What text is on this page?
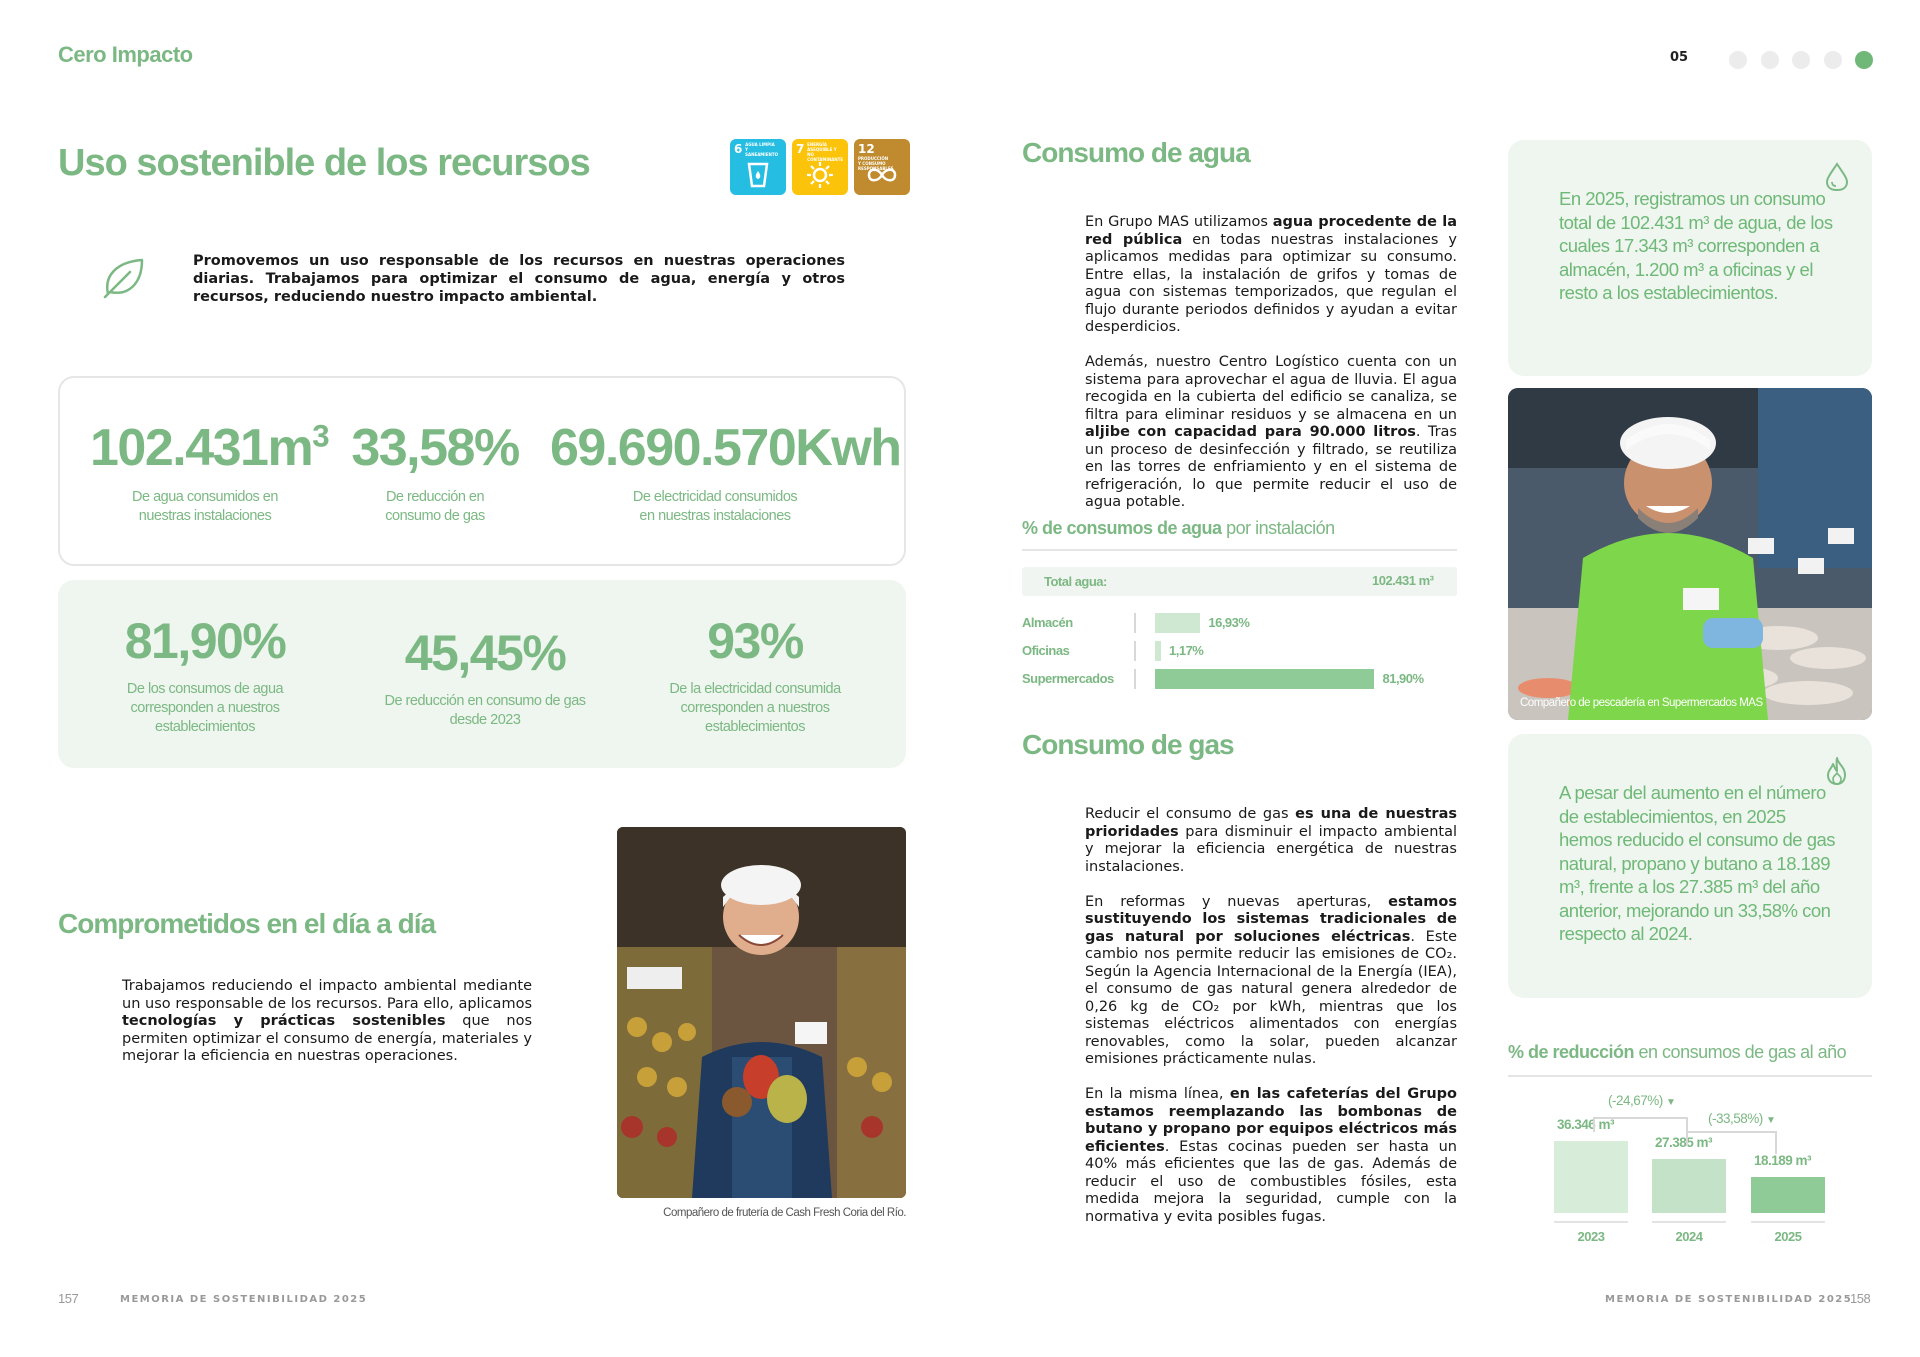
Cero Impacto	05
Uso sostenible de los recursos	6 AGUA LIMPIA Y SANEAMIENTO	7 ENERGÍA ASEQUIBLE Y NO CONTAMINANTE
12 PRODUCCIÓN Y CONSUMO RESPONSABLES
Promovemos un uso responsable de los recursos en nuestras operaciones diarias. Trabajamos para optimizar el consumo de agua, energía y otros recursos, reduciendo nuestro impacto ambiental.
$102.431m^3$
De agua consumidos en
nuestras instalaciones
33,58%
De reducción en
consumo de gas
69.690.570Kwh
De electricidad consumidos
en nuestras instalaciones
81,90%
De los consumos de agua
corresponden a nuestros
establecimientos
45,45%
De reducción en consumo de gas
desde 2023
93%
De la electricidad consumida
corresponden a nuestros
establecimientos
Comprometidos en el día a día
Trabajamos reduciendo el impacto ambiental mediante un uso responsable de los recursos. Para ello, aplicamos tecnologías y prácticas sostenibles que nos permiten optimizar el consumo de energía, materiales y mejorar la eficiencia en nuestras operaciones.
Compañero de frutería de Cash Fresh Coria del Río.
157	MEMORIA DE SOSTENIBILIDAD 2025
Consumo de agua

En Grupo MAS utilizamos agua procedente de la red pública en todas nuestras instalaciones y aplicamos medidas para optimizar su consumo. Entre ellas, la instalación de grifos y tomas de agua con sistemas temporizados, que regulan el flujo durante periodos definidos y ayudan a evitar desperdicios.

Además, nuestro Centro Logístico cuenta con un sistema para aprovechar el agua de lluvia. El agua recogida en la cubierta del edificio se canaliza, se filtra para eliminar residuos y se almacena en un aljibe con capacidad para 90.000 litros. Tras un proceso de desinfección y filtrado, se reutiliza en las torres de enfriamiento y en el sistema de refrigeración, lo que permite reducir el uso de agua potable.

% de consumos de agua por instalación
Total agua:	102.431 m³
Almacén	16,93%
Oficinas	1,17%
Supermercados	81,90%
Consumo de gas

Reducir el consumo de gas es una de nuestras prioridades para disminuir el impacto ambiental y mejorar la eficiencia energética de nuestras instalaciones.

En reformas y nuevas aperturas, estamos sustituyendo los sistemas tradicionales de gas natural por soluciones eléctricas. Este cambio nos permite reducir las emisiones de CO₂. Según la Agencia Internacional de la Energía (IEA), el consumo de gas natural genera alrededor de 0,26 kg de CO₂ por kWh, mientras que los sistemas eléctricos alimentados con energías renovables, como la solar, pueden alcanzar emisiones prácticamente nulas.

En la misma línea, en las cafeterías del Grupo estamos reemplazando las bombonas de butano y propano por equipos eléctricos más eficientes. Estas cocinas pueden ser hasta un 40% más eficientes que las de gas. Además de reducir el uso de combustibles fósiles, esta medida mejora la seguridad, cumple con la normativa y evita posibles fugas.

En 2025, registramos un consumo total de 102.431 m³ de agua, de los cuales 17.343 m³ corresponden a almacén, 1.200 m³ a oficinas y el resto a los establecimientos.
Compañero de pescadería en Supermercados MAS
A pesar del aumento en el número de establecimientos, en 2025 hemos reducido el consumo de gas natural, propano y butano a 18.189 m³, frente a los 27.385 m³ del año anterior, mejorando un 33,58% con respecto al 2024.
% de reducción en consumos de gas al año
36.346 m³
2023
27.385 m³
2024
18.189 m³
2025
(-24,67%) ▼
(-33,58%) ▼
MEMORIA DE SOSTENIBILIDAD 2025
158
